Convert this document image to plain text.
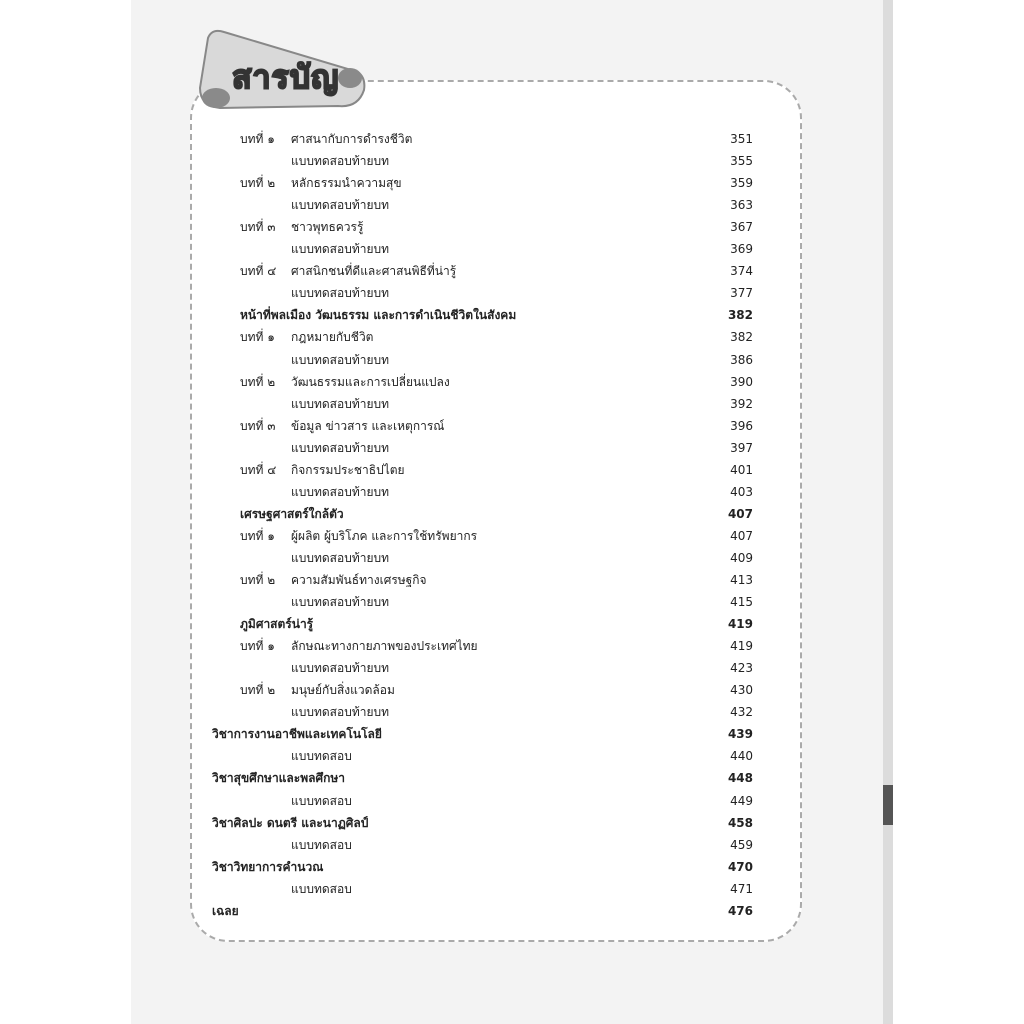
สารบัญ
บทที่ ๑ ศาสนากับการดำรงชีวิต	351
แบบทดสอบท้ายบท	355
บทที่ ๒ หลักธรรมนำความสุข	359
แบบทดสอบท้ายบท	363
บทที่ ๓ ชาวพุทธควรรู้	367
แบบทดสอบท้ายบท	369
บทที่ ๔ ศาสนิกชนที่ดีและศาสนพิธีที่น่ารู้	374
แบบทดสอบท้ายบท	377
หน้าที่พลเมือง วัฒนธรรม และการดำเนินชีวิตในสังคม	382
บทที่ ๑ กฎหมายกับชีวิต	382
แบบทดสอบท้ายบท	386
บทที่ ๒ วัฒนธรรมและการเปลี่ยนแปลง	390
แบบทดสอบท้ายบท	392
บทที่ ๓ ข้อมูล ข่าวสาร และเหตุการณ์	396
แบบทดสอบท้ายบท	397
บทที่ ๔ กิจกรรมประชาธิปไตย	401
แบบทดสอบท้ายบท	403
เศรษฐศาสตร์ใกล้ตัว	407
บทที่ ๑ ผู้ผลิต ผู้บริโภค และการใช้ทรัพยากร	407
แบบทดสอบท้ายบท	409
บทที่ ๒ ความสัมพันธ์ทางเศรษฐกิจ	413
แบบทดสอบท้ายบท	415
ภูมิศาสตร์น่ารู้	419
บทที่ ๑ ลักษณะทางกายภาพของประเทศไทย	419
แบบทดสอบท้ายบท	423
บทที่ ๒ มนุษย์กับสิ่งแวดล้อม	430
แบบทดสอบท้ายบท	432
วิชาการงานอาชีพและเทคโนโลยี	439
แบบทดสอบ	440
วิชาสุขศึกษาและพลศึกษา	448
แบบทดสอบ	449
วิชาศิลปะ ดนตรี และนาฏศิลป์	458
แบบทดสอบ	459
วิชาวิทยาการคำนวณ	470
แบบทดสอบ	471
เฉลย	476
